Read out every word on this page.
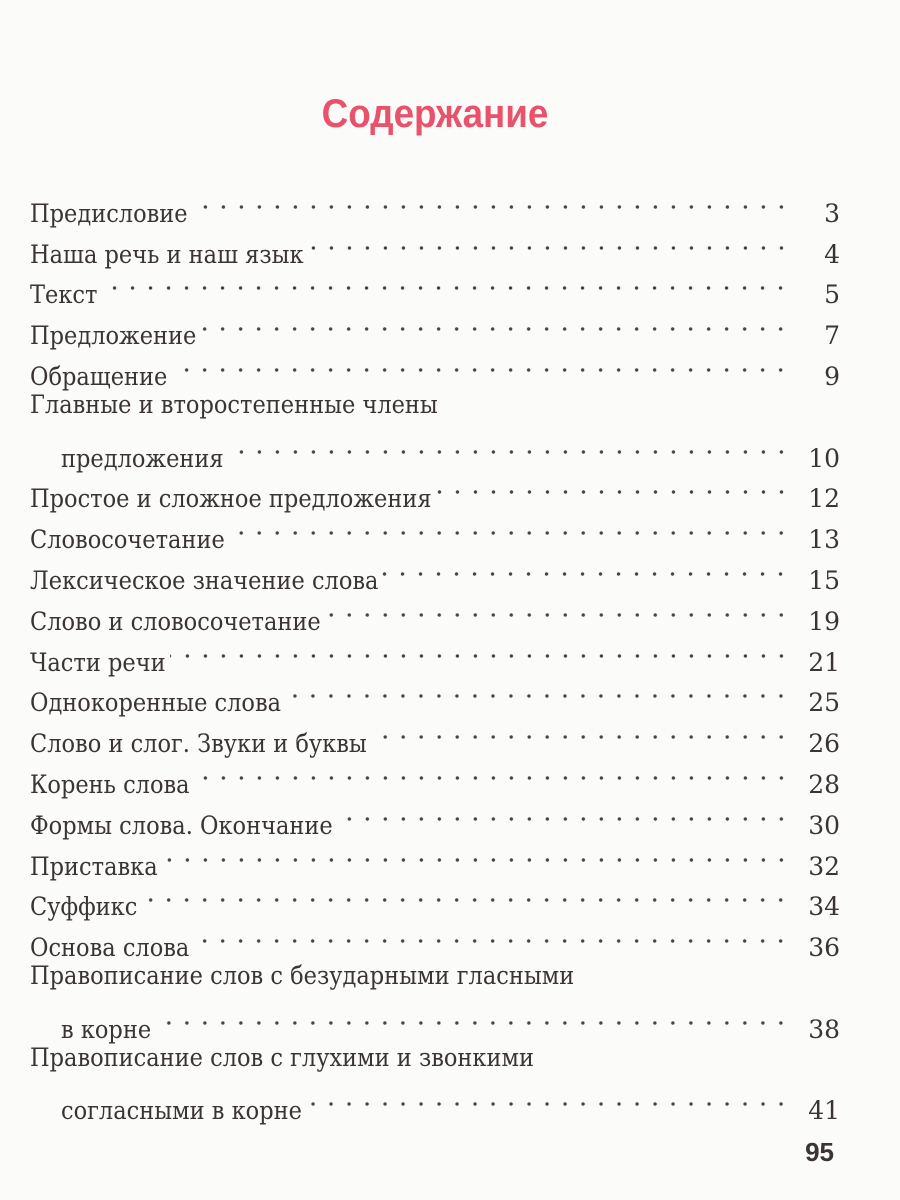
Содержание
Предисловие	3
Наша речь и наш язык	4
Текст	5
Предложение	7
Обращение	9
Главные и второстепенные члены
предложения	10
Простое и сложное предложения	12
Словосочетание	13
Лексическое значение слова	15
Слово и словосочетание	19
Части речи	21
Однокоренные слова	25
Слово и слог. Звуки и буквы	26
Корень слова	28
Формы слова. Окончание	30
Приставка	32
Суффикс	34
Основа слова	36
Правописание слов с безударными гласными
в корне	38
Правописание слов с глухими и звонкими
согласными в корне	41
95
